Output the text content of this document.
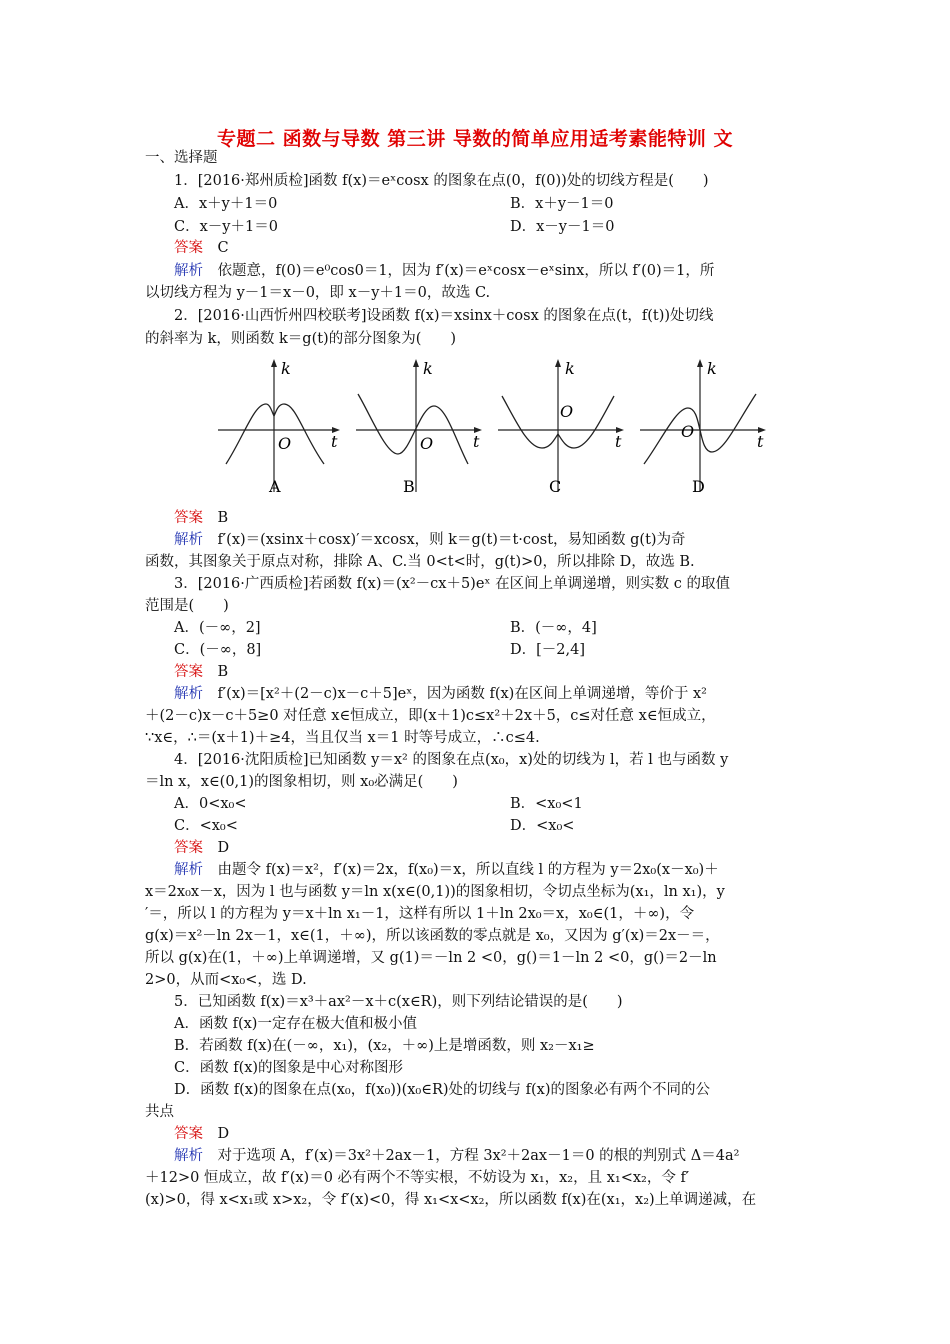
专题二 函数与导数 第三讲 导数的简单应用适考素能特训 文
一、选择题
1．[2016·郑州质检]函数 f(x)＝eˣcosx 的图象在点(0，f(0))处的切线方程是(　　)
A．x＋y＋1＝0	B．x＋y－1＝0
C．x－y＋1＝0	D．x－y－1＝0
答案　 C
解析　 依题意，f(0)＝e⁰cos0＝1，因为 f′(x)＝eˣcosx－eˣsinx，所以 f′(0)＝1，所
以切线方程为 y－1＝x－0，即 x－y＋1＝0，故选 C.
2．[2016·山西忻州四校联考]设函数 f(x)＝xsinx＋cosx 的图象在点(t，f(t))处切线
的斜率为 k，则函数 k＝g(t)的部分图象为(　　)
k
t
O
A
k
t
O
B
k
t
O
C
k
t
O
D
答案　 B
解析　 f′(x)＝(xsinx＋cosx)′＝xcosx，则 k＝g(t)＝t·cost，易知函数 g(t)为奇
函数，其图象关于原点对称，排除 A、C.当 0<t<时，g(t)>0，所以排除 D，故选 B.
3．[2016·广西质检]若函数 f(x)＝(x²－cx＋5)eˣ 在区间上单调递增，则实数 c 的取值
范围是(　　)
A．(－∞，2]	B．(－∞，4]
C．(－∞，8]	D．[－2,4]
答案　 B
解析　 f′(x)＝[x²＋(2－c)x－c＋5]eˣ，因为函数 f(x)在区间上单调递增，等价于 x²
＋(2－c)x－c＋5≥0 对任意 x∈恒成立，即(x＋1)c≤x²＋2x＋5，c≤对任意 x∈恒成立，
∵x∈，∴＝(x＋1)＋≥4，当且仅当 x＝1 时等号成立，∴c≤4.
4．[2016·沈阳质检]已知函数 y＝x² 的图象在点(x₀，x)处的切线为 l，若 l 也与函数 y
＝ln x，x∈(0,1)的图象相切，则 x₀必满足(　　)
A．0<x₀<	B．<x₀<1
C．<x₀<	D．<x₀<
答案　 D
解析　 由题令 f(x)＝x²，f′(x)＝2x，f(x₀)＝x，所以直线 l 的方程为 y＝2x₀(x－x₀)＋
x＝2x₀x－x，因为 l 也与函数 y＝ln x(x∈(0,1))的图象相切，令切点坐标为(x₁，ln x₁)，y
′＝，所以 l 的方程为 y＝x＋ln x₁－1，这样有所以 1＋ln 2x₀＝x，x₀∈(1，＋∞)，令
g(x)＝x²－ln 2x－1，x∈(1，＋∞)，所以该函数的零点就是 x₀，又因为 g′(x)＝2x－＝，
所以 g(x)在(1，＋∞)上单调递增，又 g(1)＝－ln 2 <0，g()＝1－ln 2 <0，g()＝2－ln
2>0，从而<x₀<，选 D.
5．已知函数 f(x)＝x³＋ax²－x＋c(x∈R)，则下列结论错误的是(　　)
A．函数 f(x)一定存在极大值和极小值
B．若函数 f(x)在(－∞，x₁)，(x₂，＋∞)上是增函数，则 x₂－x₁≥
C．函数 f(x)的图象是中心对称图形
D．函数 f(x)的图象在点(x₀，f(x₀))(x₀∈R)处的切线与 f(x)的图象必有两个不同的公
共点
答案　 D
解析　 对于选项 A，f′(x)＝3x²＋2ax－1，方程 3x²＋2ax－1＝0 的根的判别式 Δ＝4a²
＋12>0 恒成立，故 f′(x)＝0 必有两个不等实根，不妨设为 x₁，x₂，且 x₁<x₂，令 f′
(x)>0，得 x<x₁或 x>x₂，令 f′(x)<0，得 x₁<x<x₂，所以函数 f(x)在(x₁，x₂)上单调递减，在
